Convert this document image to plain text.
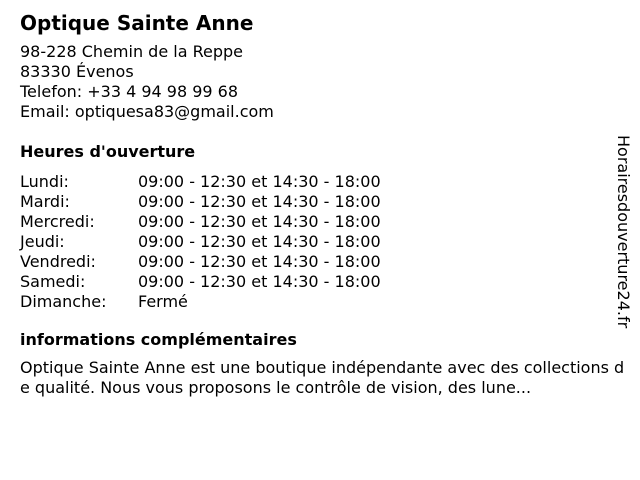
Optique Sainte Anne
98-228 Chemin de la Reppe
83330 Évenos
Telefon: +33 4 94 98 99 68
Email: optiquesa83@gmail.com
Heures d'ouverture
Lundi:	09:00 - 12:30 et 14:30 - 18:00
Mardi:	09:00 - 12:30 et 14:30 - 18:00
Mercredi:	09:00 - 12:30 et 14:30 - 18:00
Jeudi:	09:00 - 12:30 et 14:30 - 18:00
Vendredi:	09:00 - 12:30 et 14:30 - 18:00
Samedi:	09:00 - 12:30 et 14:30 - 18:00
Dimanche:	Fermé
informations complémentaires
Optique Sainte Anne est une boutique indépendante avec des collections de qualité. Nous vous proposons le contrôle de vision, des lune...
Horairesdouverture24.fr
